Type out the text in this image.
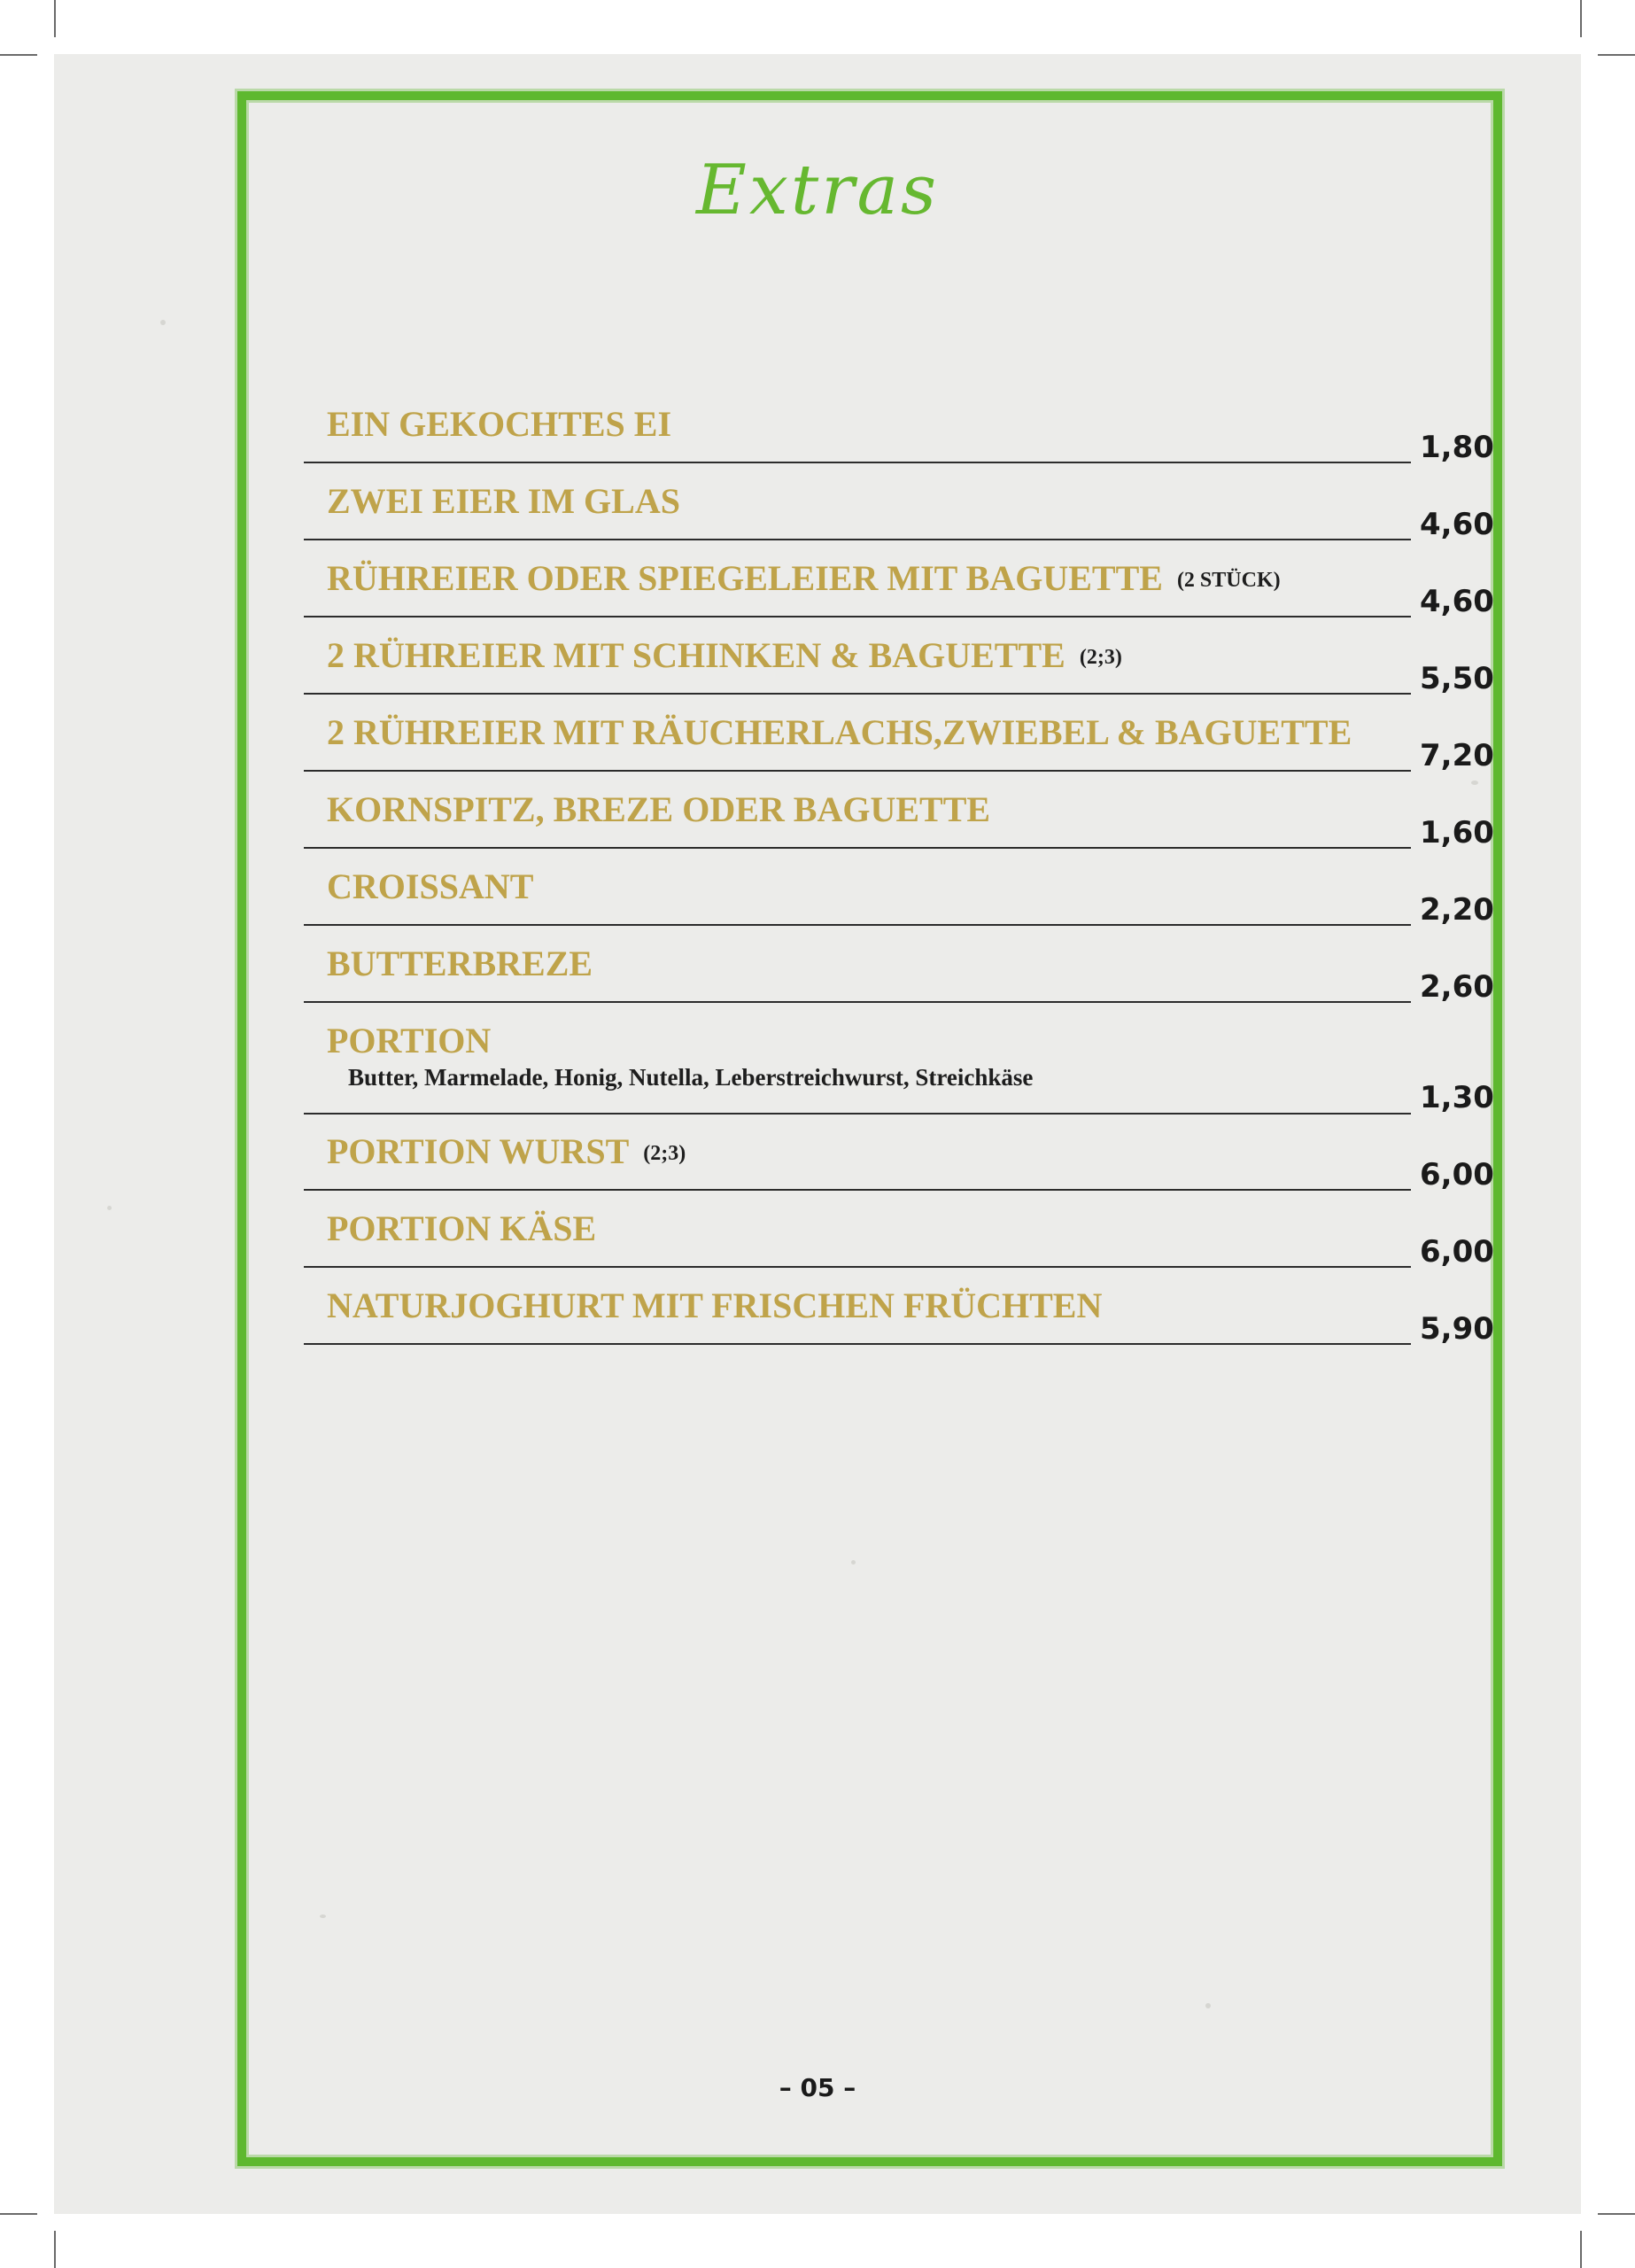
Extras
EIN GEKOCHTES EI
1,80
ZWEI EIER IM GLAS
4,60
RÜHREIER ODER SPIEGELEIER MIT BAGUETTE (2 STÜCK)
4,60
2 RÜHREIER MIT SCHINKEN & BAGUETTE (2;3)
5,50
2 RÜHREIER MIT RÄUCHERLACHS,ZWIEBEL & BAGUETTE
7,20
KORNSPITZ, BREZE ODER BAGUETTE
1,60
CROISSANT
2,20
BUTTERBREZE
2,60
PORTION
Butter, Marmelade, Honig, Nutella, Leberstreichwurst, Streichkäse
1,30
PORTION WURST (2;3)
6,00
PORTION KÄSE
6,00
NATURJOGHURT MIT FRISCHEN FRÜCHTEN
5,90
– 05 –
